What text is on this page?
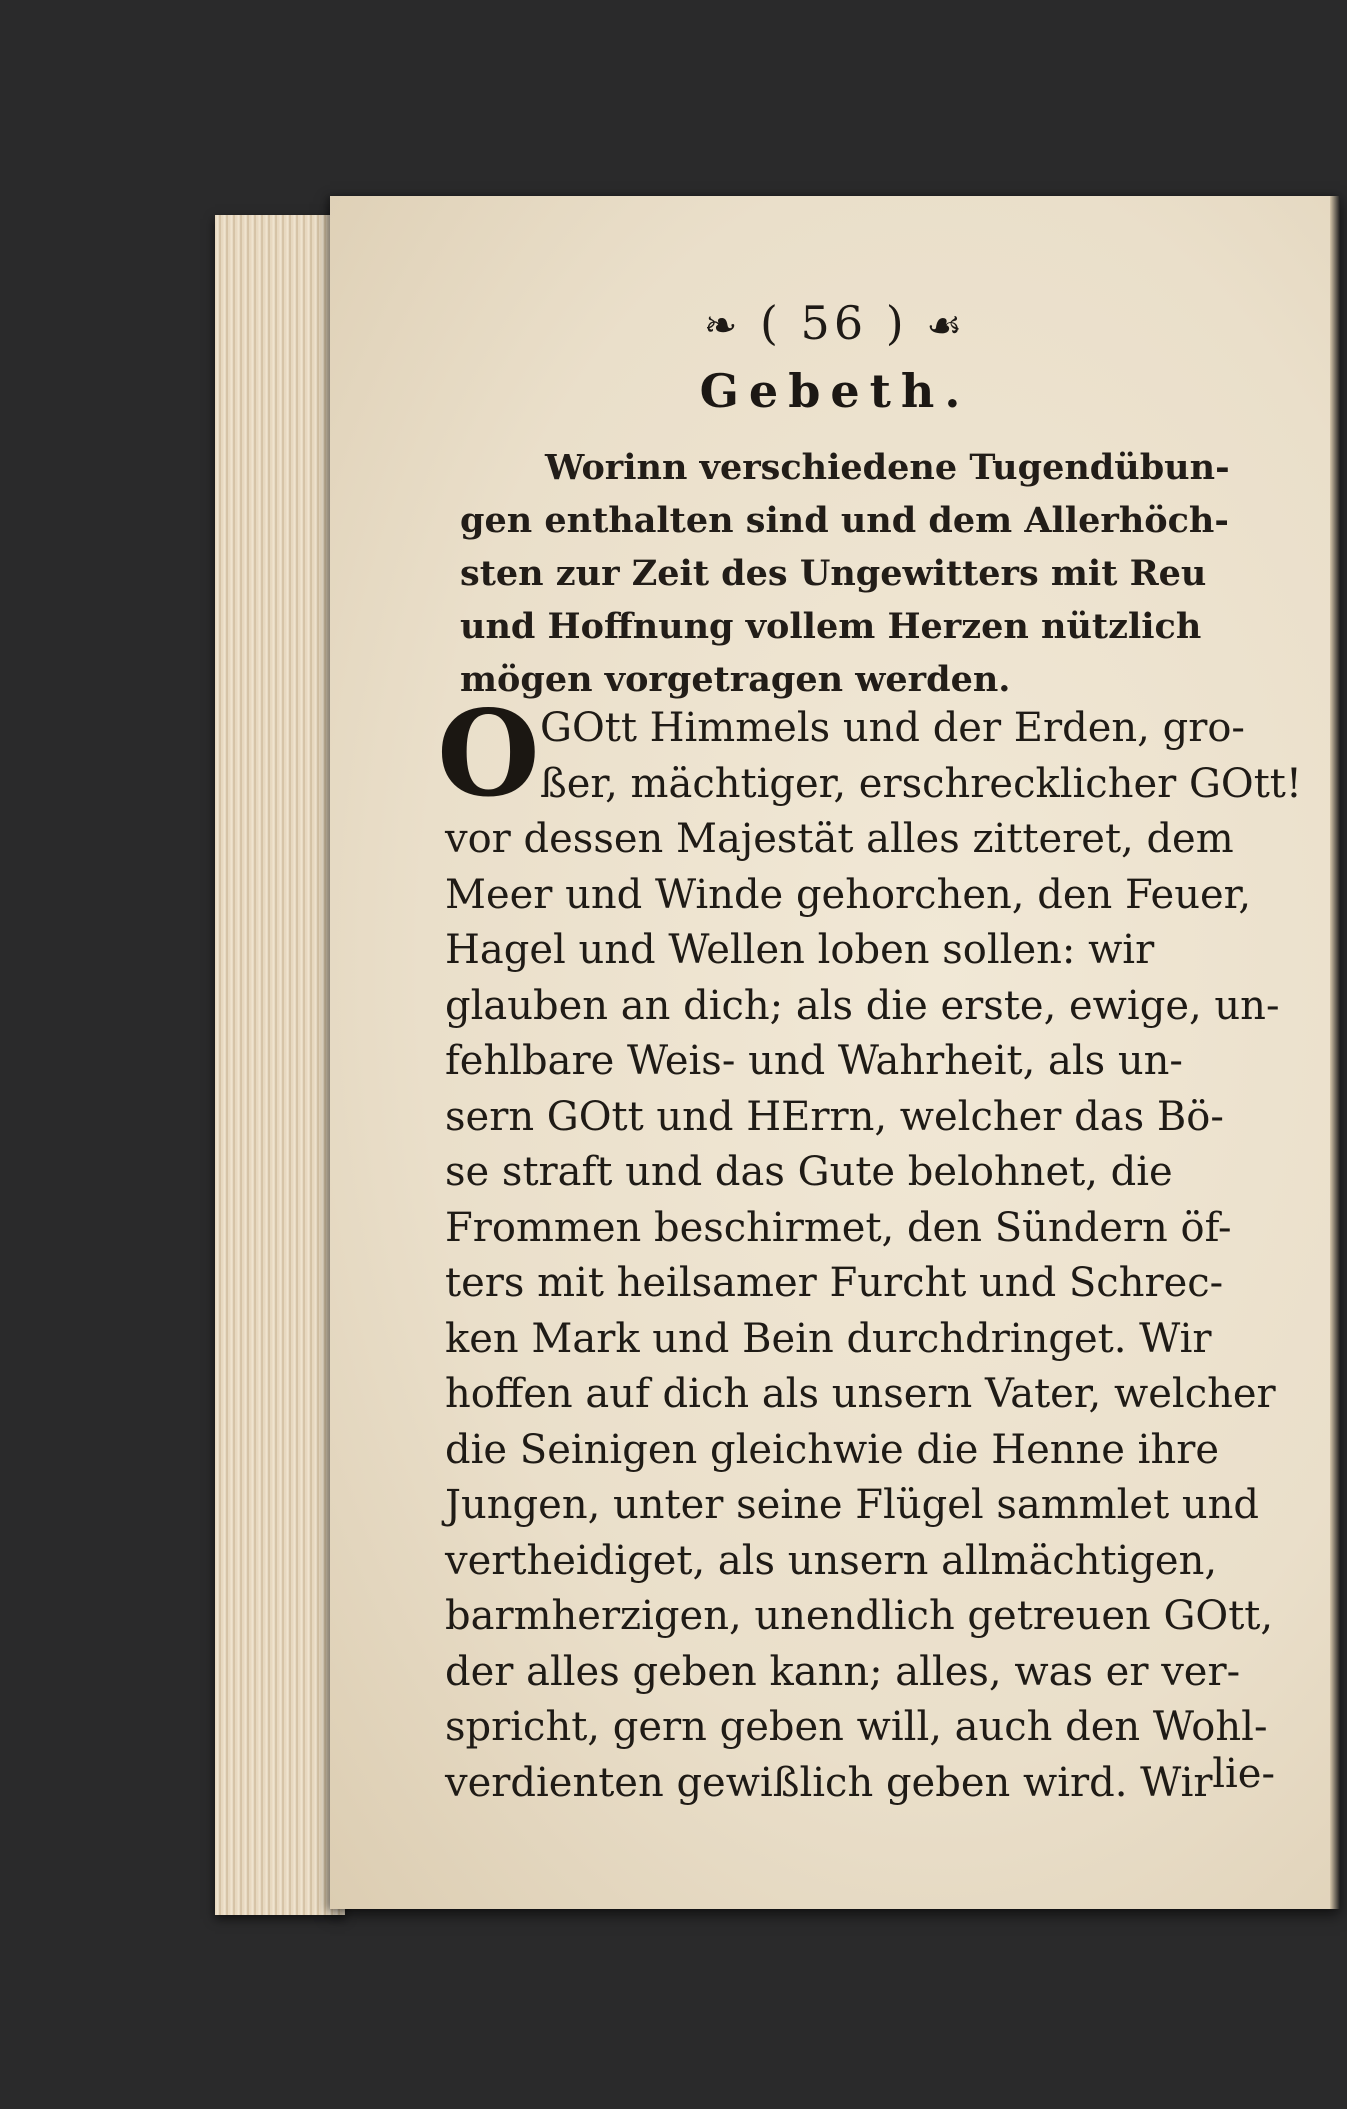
❧ ( 56 ) ☙
Gebeth.
Worinn verschiedene Tugendübun-
gen enthalten sind und dem Allerhöch-
sten zur Zeit des Ungewitters mit Reu
und Hoffnung vollem Herzen nützlich
mögen vorgetragen werden.
O GOtt Himmels und der Erden, gro-
ßer, mächtiger, erschrecklicher GOtt!
vor dessen Majestät alles zitteret, dem
Meer und Winde gehorchen, den Feuer,
Hagel und Wellen loben sollen: wir
glauben an dich; als die erste, ewige, un-
fehlbare Weis- und Wahrheit, als un-
sern GOtt und HErrn, welcher das Bö-
se straft und das Gute belohnet, die
Frommen beschirmet, den Sündern öf-
ters mit heilsamer Furcht und Schrec-
ken Mark und Bein durchdringet. Wir
hoffen auf dich als unsern Vater, welcher
die Seinigen gleichwie die Henne ihre
Jungen, unter seine Flügel sammlet und
vertheidiget, als unsern allmächtigen,
barmherzigen, unendlich getreuen GOtt,
der alles geben kann; alles, was er ver-
spricht, gern geben will, auch den Wohl-
verdienten gewißlich geben wird. Wir lie-
